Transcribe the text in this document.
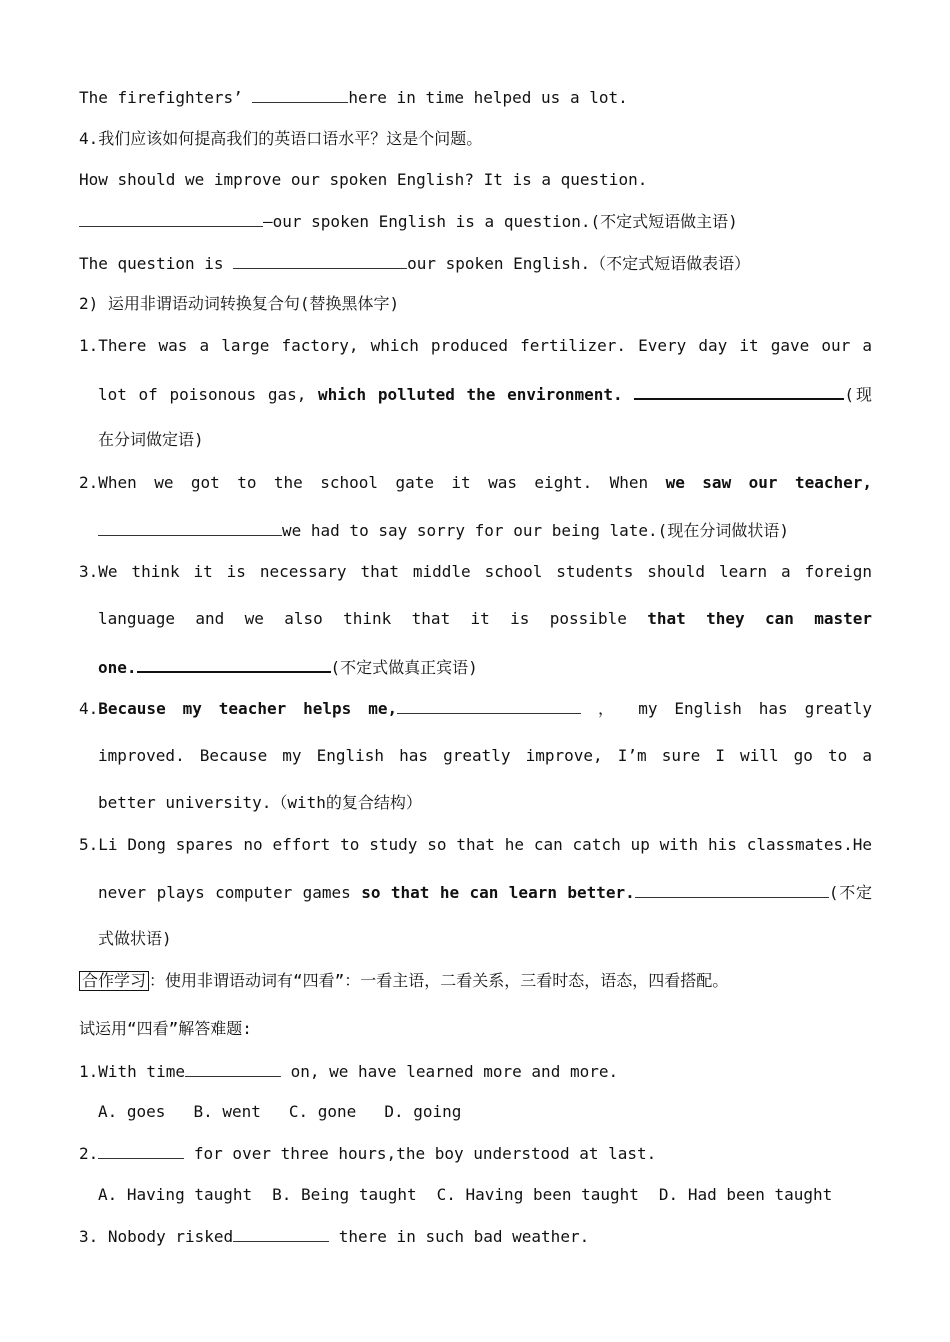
The firefighters’	here in time helped us a lot.
4.我们应该如何提高我们的英语口语水平？这是个问题。
How should we improve our spoken English? It is a question.
—our spoken English is a question.(不定式短语做主语)
The question is	our spoken English.（不定式短语做表语）
2) 运用非谓语动词转换复合句(替换黑体字)
1.There was a large factory, which produced fertilizer. Every day it gave our a
lot of poisonous gas, which polluted the environment.	(现
在分词做定语)
2.When we got to the school gate it was eight. When we saw our teacher,
we had to say sorry for our being late.(现在分词做状语)
3.We think it is necessary that middle school students should learn a foreign
language and we also think that it is possible that they can master
one.	(不定式做真正宾语)
4.Because my teacher helps me,	， my English has greatly
improved. Because my English has greatly improve, I’m sure I will go to a
better university.（with的复合结构）
5.Li Dong spares no effort to study so that he can catch up with his classmates.He
never plays computer games so that he can learn better.	(不定
式做状语)
合作学习 ：使用非谓语动词有“四看”：一看主语，二看关系，三看时态，语态，四看搭配。
试运用“四看”解答难题:
1.With time	on, we have learned more and more.
A. goes B. went C. gone D. going
2.	for over three hours,the boy understood at last.
A. Having taught B. Being taught C. Having been taught D. Had been taught
3. Nobody risked	there in such bad weather.
